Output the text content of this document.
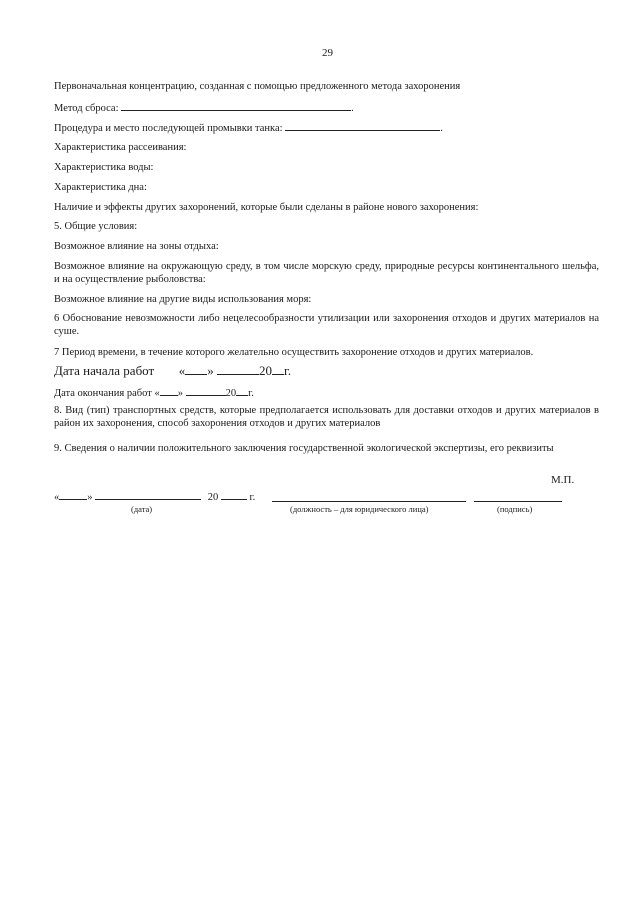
29
Первоначальная концентрацию, созданная с помощью предложенного метода захоронения
Метод сброса:	.
Процедура и место последующей промывки танка:	.
Характеристика рассеивания:
Характеристика воды:
Характеристика дна:
Наличие и эффекты других захоронений, которые были сделаны в районе нового захоронения:
5. Общие условия:
Возможное влияние на зоны отдыха:
Возможное влияние на окружающую среду, в том числе морскую среду, природные ресурсы континентального шельфа, и на осуществление рыболовства:
Возможное влияние на другие виды использования моря:
6 Обоснование невозможности либо нецелесообразности утилизации или захоронения отходов и других материалов на суше.
7 Период времени, в течение которого желательно осуществить захоронение отходов и других материалов.
Дата начала работ « »	20 г.
Дата окончания работ « »	20 г.
8. Вид (тип) транспортных средств, которые предполагается использовать для доставки отходов и других материалов в район их захоронения, способ захоронения отходов и других материалов
9. Сведения о наличии положительного заключения государственной экологической экспертизы, его реквизиты
М.П.
«	»	20	г.
(дата)	(должность – для юридического лица)	(подпись)
